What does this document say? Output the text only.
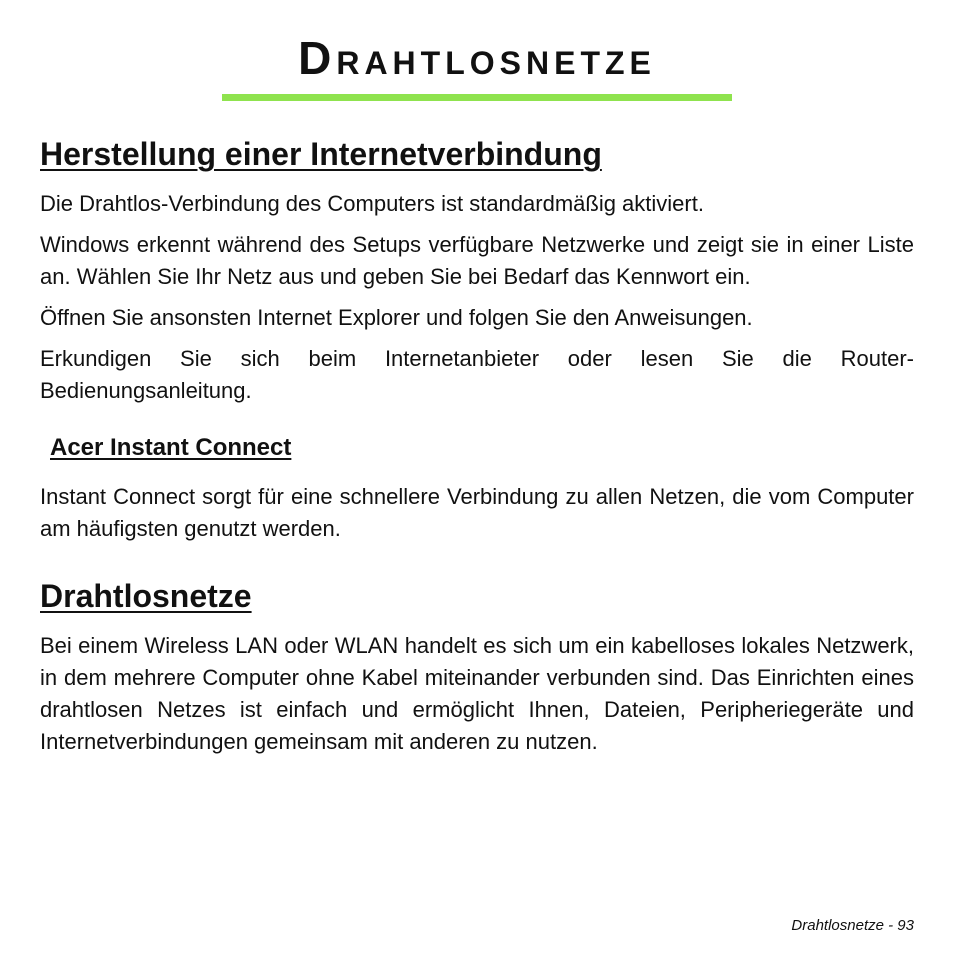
Drahtlosnetze
Herstellung einer Internetverbindung

Die Drahtlos-Verbindung des Computers ist standardmäßig aktiviert.

Windows erkennt während des Setups verfügbare Netzwerke und zeigt sie in einer Liste an. Wählen Sie Ihr Netz aus und geben Sie bei Bedarf das Kennwort ein.

Öffnen Sie ansonsten Internet Explorer und folgen Sie den Anweisungen.

Erkundigen Sie sich beim Internetanbieter oder lesen Sie die Router-Bedienungsanleitung.

Acer Instant Connect

Instant Connect sorgt für eine schnellere Verbindung zu allen Netzen, die vom Computer am häufigsten genutzt werden.

Drahtlosnetze

Bei einem Wireless LAN oder WLAN handelt es sich um ein kabelloses lokales Netzwerk, in dem mehrere Computer ohne Kabel miteinander verbunden sind. Das Einrichten eines drahtlosen Netzes ist einfach und ermöglicht Ihnen, Dateien, Peripheriegeräte und Internetverbindungen gemeinsam mit anderen zu nutzen.

Drahtlosnetze - 93
